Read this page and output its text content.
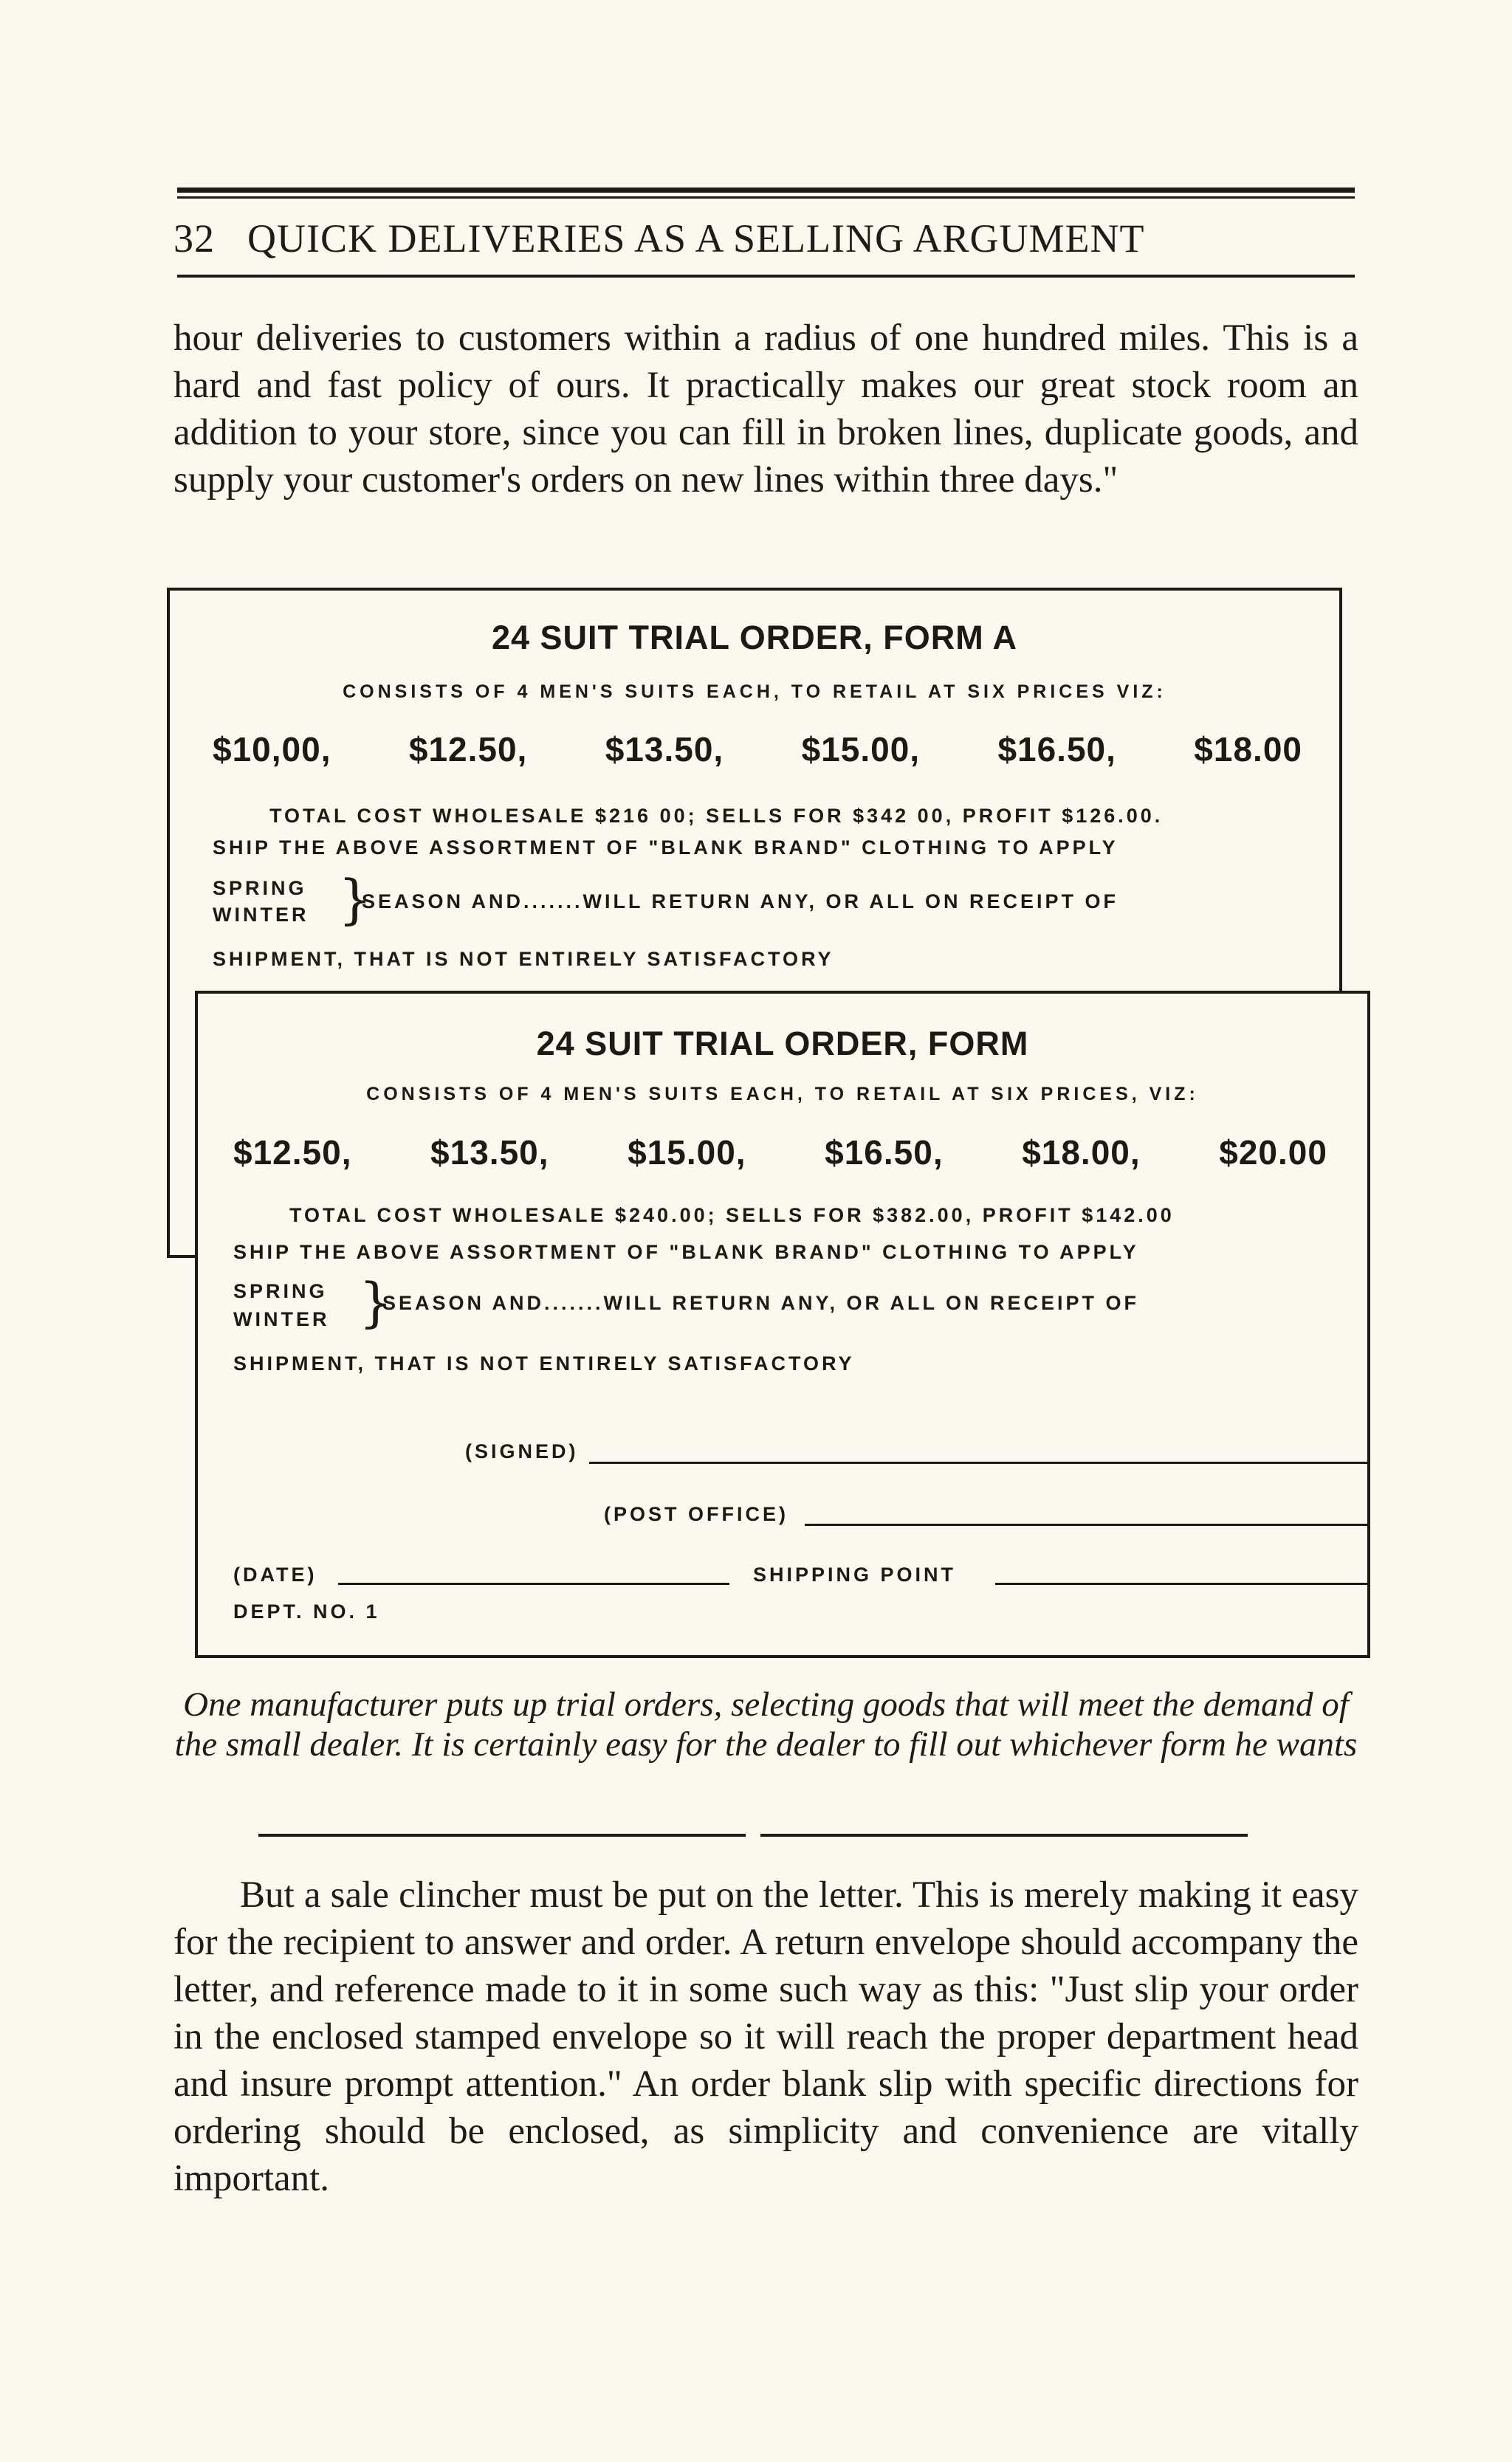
32 QUICK DELIVERIES AS A SELLING ARGUMENT

hour deliveries to customers within a radius of one hundred miles. This is a hard and fast policy of ours. It practically makes our great stock room an addition to your store, since you can fill in broken lines, duplicate goods, and supply your customer's orders on new lines within three days."

24 SUIT TRIAL ORDER, FORM A
CONSISTS OF 4 MEN'S SUITS EACH, TO RETAIL AT SIX PRICES VIZ:
$10,00, $12.50, $13.50, $15.00, $16.50, $18.00
TOTAL COST WHOLESALE $216 00; SELLS FOR $342 00, PROFIT $126.00.
SHIP THE ABOVE ASSORTMENT OF "BLANK BRAND" CLOTHING TO APPLY
SPRING
WINTER }
SEASON AND.......WILL RETURN ANY, OR ALL ON RECEIPT OF
SHIPMENT, THAT IS NOT ENTIRELY SATISFACTORY
24 SUIT TRIAL ORDER, FORM
CONSISTS OF 4 MEN'S SUITS EACH, TO RETAIL AT SIX PRICES, VIZ:
$12.50, $13.50, $15.00, $16.50, $18.00, $20.00
TOTAL COST WHOLESALE $240.00; SELLS FOR $382.00, PROFIT $142.00
SHIP THE ABOVE ASSORTMENT OF "BLANK BRAND" CLOTHING TO APPLY
SPRING
WINTER }
SEASON AND.......WILL RETURN ANY, OR ALL ON RECEIPT OF
SHIPMENT, THAT IS NOT ENTIRELY SATISFACTORY
(SIGNED)
(POST OFFICE)
(DATE)	SHIPPING POINT
DEPT. NO. 1
One manufacturer puts up trial orders, selecting goods that will meet the demand of the small dealer. It is certainly easy for the dealer to fill out whichever form he wants

But a sale clincher must be put on the letter. This is merely making it easy for the recipient to answer and order. A return envelope should accompany the letter, and reference made to it in some such way as this: "Just slip your order in the enclosed stamped envelope so it will reach the proper department head and insure prompt attention." An order blank slip with specific directions for ordering should be enclosed, as simplicity and convenience are vitally important.
